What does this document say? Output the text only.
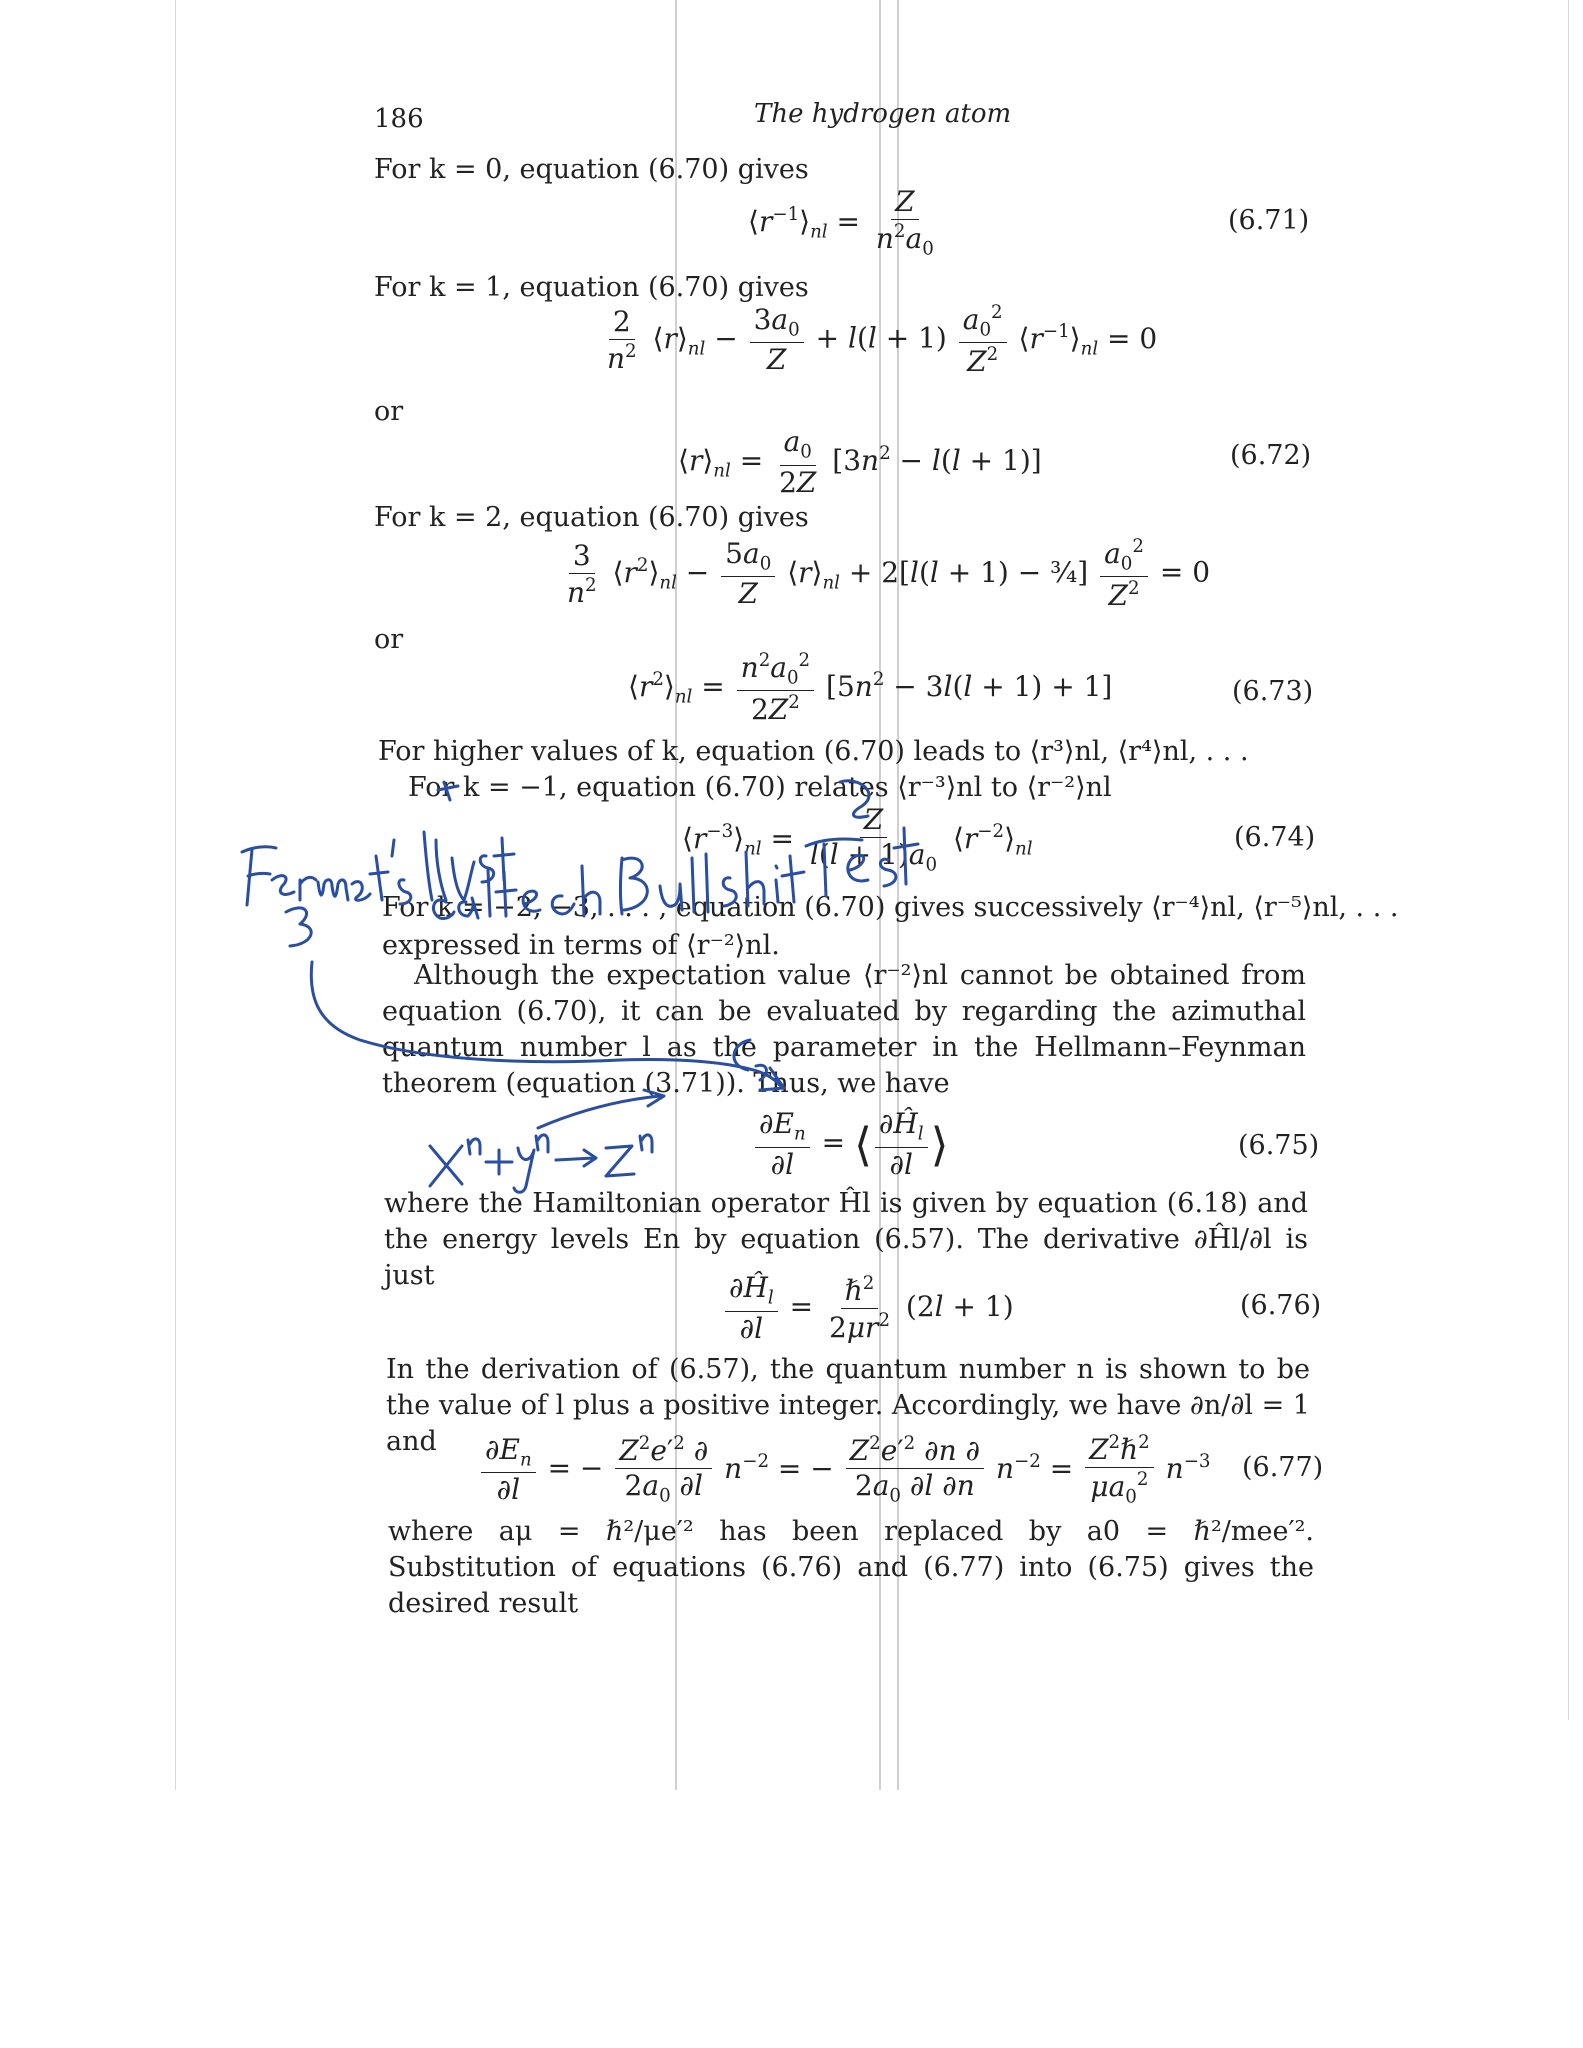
186	The hydrogen atom
For k = 0, equation (6.70) gives
$⟨r^{-1}⟩_{nl} = \frac{Z}{n^2a_0}$	(6.71)
For k = 1, equation (6.70) gives
$\frac{2}{n^2}$ $⟨r⟩_{nl} - \frac{3a_0}{Z} + l(l + 1) \frac{a_0^2}{Z^2}$ $⟨r^{-1}⟩_{nl} = 0$
or
$⟨r⟩_{nl} = \frac{a_0}{2Z} [3n^2 - l(l + 1)]$	(6.72)
For k = 2, equation (6.70) gives
$\frac{3}{n^2}$ $⟨r^2⟩_{nl} - \frac{5a_0}{Z}$ $⟨r⟩_{nl} + 2[l(l + 1)$ − ¾] $\frac{a_0^2}{Z^2} = 0$
or
$⟨r^2⟩_{nl} = \frac{n^2a_0^2}{2Z^2} [5n^2 - 3l(l + 1) + 1]$	(6.73)
For higher values of k, equation (6.70) leads to ⟨r³⟩nl, ⟨r⁴⟩nl, . . .
For k = −1, equation (6.70) relates ⟨r⁻³⟩nl to ⟨r⁻²⟩nl
$⟨r^{-3}⟩_{nl} = \frac{Z}{l(l + 1)a_0}$ $⟨r^{-2}⟩_{nl}$	(6.74)
For k = −2, −3, . . . , equation (6.70) gives successively ⟨r⁻⁴⟩nl, ⟨r⁻⁵⟩nl, . . .
expressed in terms of ⟨r⁻²⟩nl.
Although the expectation value ⟨r⁻²⟩nl cannot be obtained from equation (6.70), it can be evaluated by regarding the azimuthal quantum number l as the parameter in the Hellmann–Feynman theorem (equation (3.71)). Thus, we have
$\frac{\partial E_n}{\partial l}$ = ⟨ $\frac{\partial Ĥ_l}{\partial l}$ ⟩	(6.75)
where the Hamiltonian operator Ĥl is given by equation (6.18) and the energy levels En by equation (6.57). The derivative ∂Ĥl/∂l is just	$\frac{\partial Ĥ_l}{\partial l} = \frac{\hbar^2}{2\mu r^2} (2l + 1)$	(6.76)
In the derivation of (6.57), the quantum number n is shown to be the value of l plus a positive integer. Accordingly, we have ∂n/∂l = 1 and	$\frac{\partial E_n}{\partial l}$ = − $\frac{Z^2e'^2 \partial}{2a_0 \partial l} n^{-2}$ = − $\frac{Z^2e'^2 \partial n \partial}{2a_0 \partial l \partial n} n^{-2} = \frac{Z^2\hbar^2}{\mu a_0^2} n^{-3}$ (6.77)
where aμ = ℏ²/μe′² has been replaced by a0 = ℏ²/mee′². Substitution of equations (6.76) and (6.77) into (6.75) gives the desired result
